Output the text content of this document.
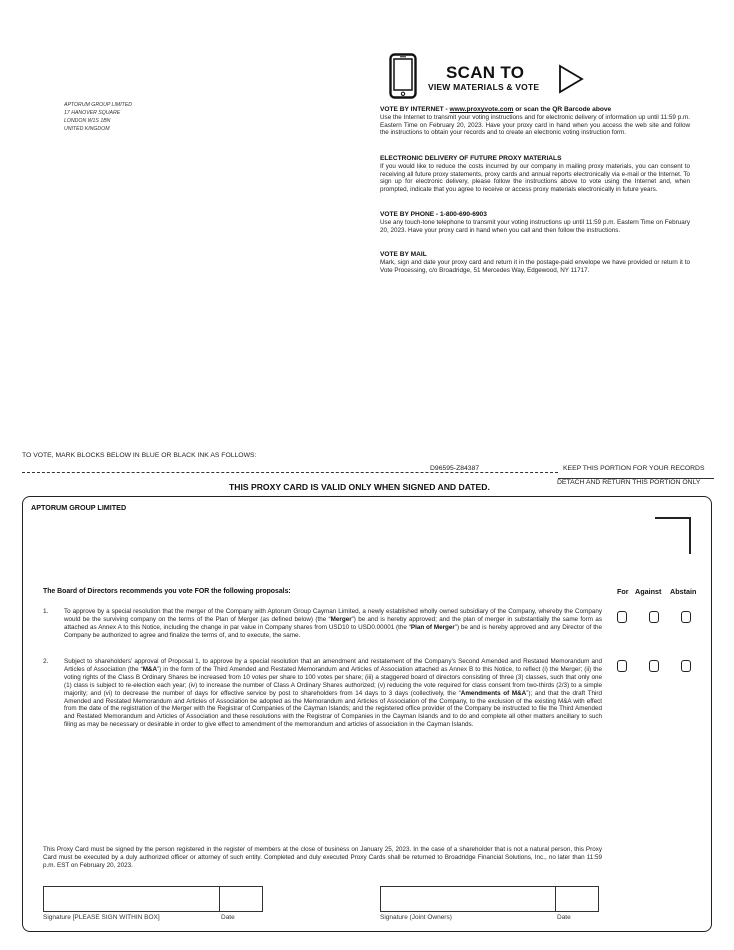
APTORUM GROUP LIMITED
17 HANOVER SQUARE
LONDON W1S 1BN
UNITED KINGDOM
SCAN TO
VIEW MATERIALS & VOTE
VOTE BY INTERNET - www.proxyvote.com or scan the QR Barcode above
Use the Internet to transmit your voting instructions and for electronic delivery of information up until 11:59 p.m. Eastern Time on February 20, 2023. Have your proxy card in hand when you access the web site and follow the instructions to obtain your records and to create an electronic voting instruction form.
ELECTRONIC DELIVERY OF FUTURE PROXY MATERIALS
If you would like to reduce the costs incurred by our company in mailing proxy materials, you can consent to receiving all future proxy statements, proxy cards and annual reports electronically via e-mail or the Internet. To sign up for electronic delivery, please follow the instructions above to vote using the Internet and, when prompted, indicate that you agree to receive or access proxy materials electronically in future years.
VOTE BY PHONE - 1-800-690-6903
Use any touch-tone telephone to transmit your voting instructions up until 11:59 p.m. Eastern Time on February 20, 2023. Have your proxy card in hand when you call and then follow the instructions.
VOTE BY MAIL
Mark, sign and date your proxy card and return it in the postage-paid envelope we have provided or return it to Vote Processing, c/o Broadridge, 51 Mercedes Way, Edgewood, NY 11717.
TO VOTE, MARK BLOCKS BELOW IN BLUE OR BLACK INK AS FOLLOWS:
D96595-Z84387	KEEP THIS PORTION FOR YOUR RECORDS
DETACH AND RETURN THIS PORTION ONLY
THIS PROXY CARD IS VALID ONLY WHEN SIGNED AND DATED.
APTORUM GROUP LIMITED
The Board of Directors recommends you vote FOR the following proposals:	For Against Abstain
1. To approve by a special resolution that the merger of the Company with Aptorum Group Cayman Limited, a newly established wholly owned subsidiary of the Company, whereby the Company would be the surviving company on the terms of the Plan of Merger (as defined below) (the “Merger”) be and is hereby approved; and the plan of merger in substantially the same form as attached as Annex A to this Notice, including the change in par value in Company shares from USD10 to USD0.00001 (the “Plan of Merger”) be and is hereby approved and any Director of the Company be authorized to agree and finalize the terms of, and to execute, the same.
2. Subject to shareholders’ approval of Proposal 1, to approve by a special resolution that an amendment and restatement of the Company’s Second Amended and Restated Memorandum and Articles of Association (the “M&A”) in the form of the Third Amended and Restated Memorandum and Articles of Association attached as Annex B to this Notice, to reflect (i) the Merger; (ii) the voting rights of the Class B Ordinary Shares be increased from 10 votes per share to 100 votes per share; (iii) a staggered board of directors consisting of three (3) classes, such that only one (1) class is subject to re-election each year; (iv) to increase the number of Class A Ordinary Shares authorized; (v) reducing the vote required for class consent from two-thirds (2/3) to a simple majority; and (vi) to decrease the number of days for effective service by post to shareholders from 14 days to 3 days (collectively, the “Amendments of M&A”); and that the draft Third Amended and Restated Memorandum and Articles of Association be adopted as the Memorandum and Articles of Association of the Company, to the exclusion of the existing M&A with effect from the date of the registration of the Merger with the Registrar of Companies of the Cayman Islands; and the registered office provider of the Company be instructed to file the Third Amended and Restated Memorandum and Articles of Association and these resolutions with the Registrar of Companies in the Cayman Islands and to do and complete all other matters ancillary to such filing as may be necessary or desirable in order to give effect to amendment of the memorandum and articles of association in the Cayman Islands.
This Proxy Card must be signed by the person registered in the register of members at the close of business on January 25, 2023. In the case of a shareholder that is not a natural person, this Proxy Card must be executed by a duly authorized officer or attorney of such entity. Completed and duly executed Proxy Cards shall be returned to Broadridge Financial Solutions, Inc., no later than 11:59 p.m. EST on February 20, 2023.
Signature [PLEASE SIGN WITHIN BOX]	Date	Signature (Joint Owners)	Date
